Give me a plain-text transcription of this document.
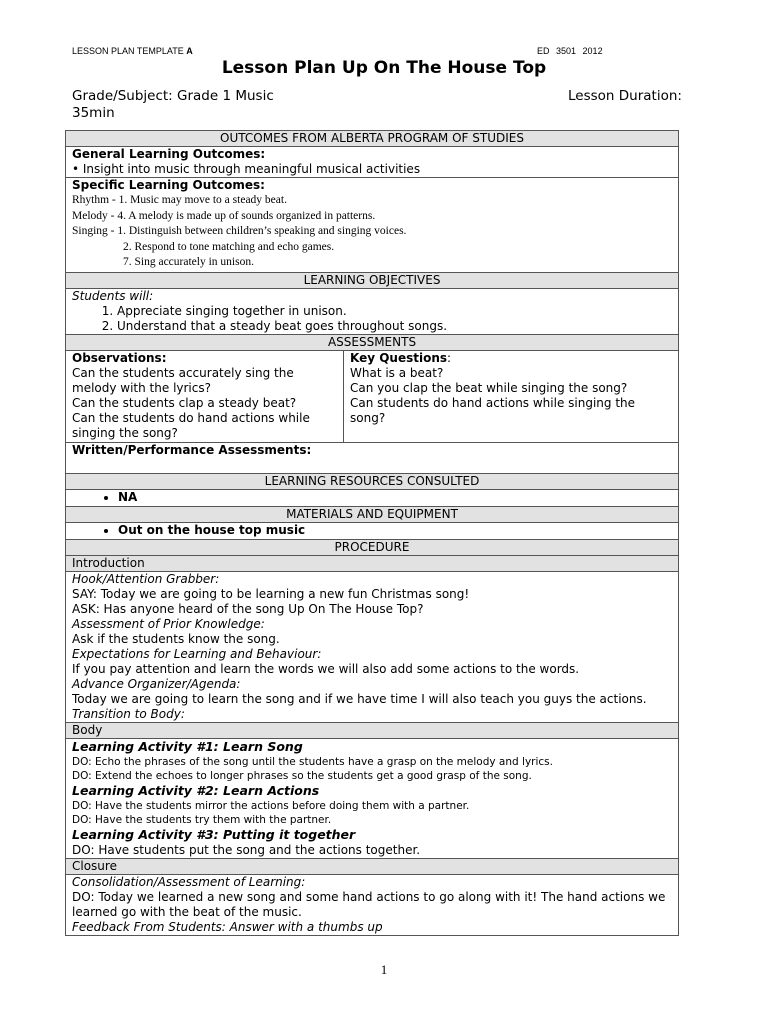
LESSON PLAN TEMPLATE A	ED 3501 2012
Lesson Plan Up On The House Top
Grade/Subject: Grade 1 Music
35min
Lesson Duration:
OUTCOMES FROM ALBERTA PROGRAM OF STUDIES

General Learning Outcomes:
• Insight into music through meaningful musical activities

Specific Learning Outcomes:
Rhythm - 1. Music may move to a steady beat.
Melody - 4. A melody is made up of sounds organized in patterns.
Singing - 1. Distinguish between children’s speaking and singing voices.
2. Respond to tone matching and echo games.
7. Sing accurately in unison.

LEARNING OBJECTIVES

Students will:
1. Appreciate singing together in unison.
2. Understand that a steady beat goes throughout songs.

ASSESSMENTS

Observations:
Can the students accurately sing the melody with the lyrics?
Can the students clap a steady beat?
Can the students do hand actions while singing the song?

Key Questions:
What is a beat?
Can you clap the beat while singing the song?
Can students do hand actions while singing the song?

Written/Performance Assessments:

LEARNING RESOURCES CONSULTED

• NA

MATERIALS AND EQUIPMENT

• Out on the house top music

PROCEDURE
Introduction

Hook/Attention Grabber:
SAY: Today we are going to be learning a new fun Christmas song!
ASK: Has anyone heard of the song Up On The House Top?
Assessment of Prior Knowledge:
Ask if the students know the song.
Expectations for Learning and Behaviour:
If you pay attention and learn the words we will also add some actions to the words.
Advance Organizer/Agenda:
Today we are going to learn the song and if we have time I will also teach you guys the actions.
Transition to Body:

Body

Learning Activity #1: Learn Song
DO: Echo the phrases of the song until the students have a grasp on the melody and lyrics.
DO: Extend the echoes to longer phrases so the students get a good grasp of the song.
Learning Activity #2: Learn Actions
DO: Have the students mirror the actions before doing them with a partner.
DO: Have the students try them with the partner.
Learning Activity #3: Putting it together
DO: Have students put the song and the actions together.

Closure

Consolidation/Assessment of Learning:
DO: Today we learned a new song and some hand actions to go along with it! The hand actions we learned go with the beat of the music.
Feedback From Students: Answer with a thumbs up
1
